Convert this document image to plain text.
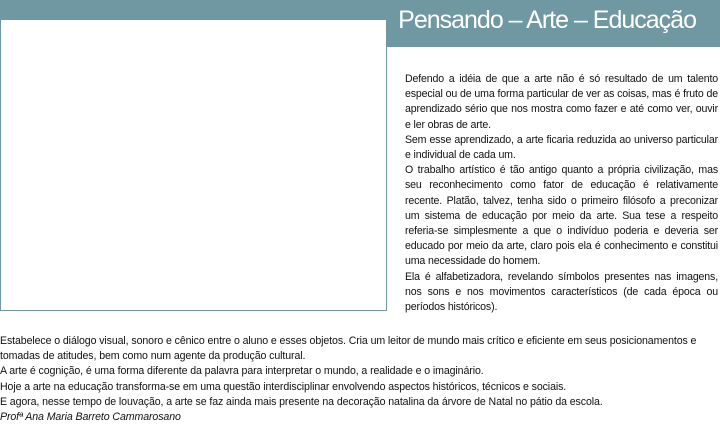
Pensando – Arte – Educação

Defendo a idéia de que a arte não é só resultado de um talento especial ou de uma forma particular de ver as coisas, mas é fruto de aprendizado sério que nos mostra como fazer e até como ver, ouvir e ler obras de arte.

Sem esse aprendizado, a arte ficaria reduzida ao universo particular e individual de cada um.

O trabalho artístico é tão antigo quanto a própria civilização, mas seu reconhecimento como fator de educação é relativamente recente. Platão, talvez, tenha sido o primeiro filósofo a preconizar um sistema de educação por meio da arte. Sua tese a respeito referia-se simplesmente a que o indivíduo poderia e deveria ser educado por meio da arte, claro pois ela é conhecimento e constitui uma necessidade do homem.

Ela é alfabetizadora, revelando símbolos presentes nas imagens, nos sons e nos movimentos característicos (de cada época ou períodos históricos).

Estabelece o diálogo visual, sonoro e cênico entre o aluno e esses objetos. Cria um leitor de mundo mais crítico e eficiente em seus posicionamentos e tomadas de atitudes, bem como num agente da produção cultural.

A arte é cognição, é uma forma diferente da palavra para interpretar o mundo, a realidade e o imaginário.

Hoje a arte na educação transforma-se em uma questão interdisciplinar envolvendo aspectos históricos, técnicos e sociais.

E agora, nesse tempo de louvação, a arte se faz ainda mais presente na decoração natalina da árvore de Natal no pátio da escola.

Profª Ana Maria Barreto Cammarosano
